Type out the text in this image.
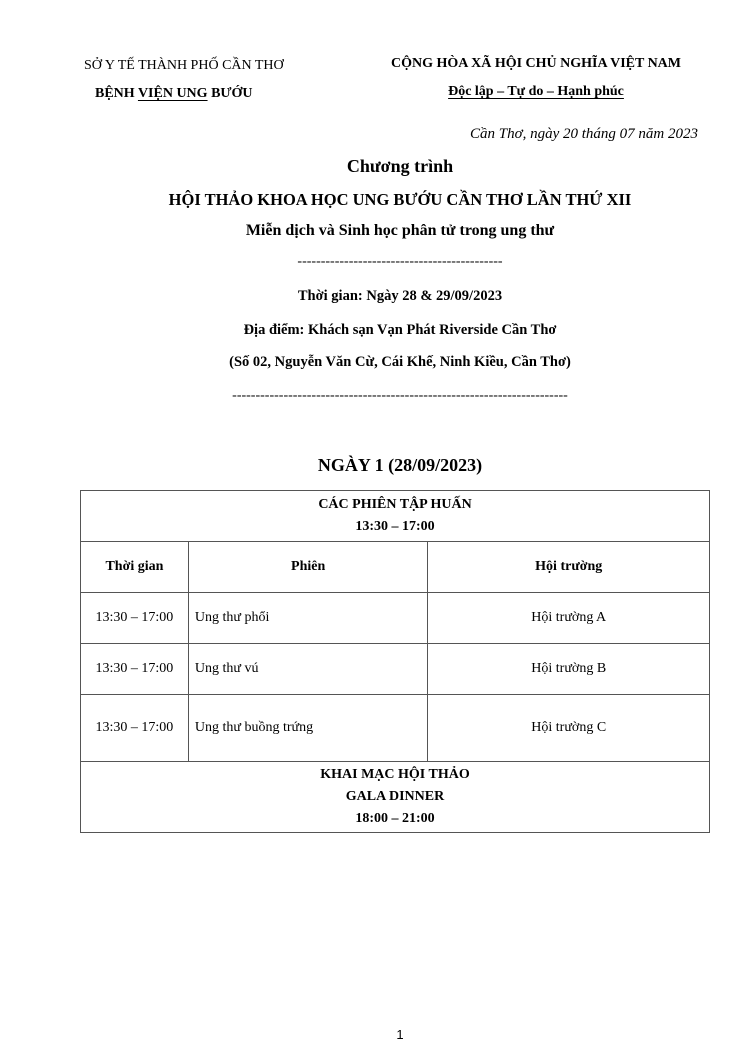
SỞ Y TẾ THÀNH PHỐ CẦN THƠ
BỆNH VIỆN UNG BƯỚU
CỘNG HÒA XÃ HỘI CHỦ NGHĨA VIỆT NAM
Độc lập – Tự do – Hạnh phúc
Cần Thơ, ngày 20 tháng 07 năm 2023
Chương trình
HỘI THẢO KHOA HỌC UNG BƯỚU CẦN THƠ LẦN THỨ XII
Miễn dịch và Sinh học phân tử trong ung thư
--------------------------------------------
Thời gian: Ngày 28 & 29/09/2023
Địa điểm: Khách sạn Vạn Phát Riverside Cần Thơ
(Số 02, Nguyễn Văn Cừ, Cái Khế, Ninh Kiều, Cần Thơ)
------------------------------------------------------------------------
NGÀY 1 (28/09/2023)
CÁC PHIÊN TẬP HUẤN
13:30 – 17:00		

Thời gian	Phiên	Hội trường
13:30 – 17:00	Ung thư phổi	Hội trường A
13:30 – 17:00	Ung thư vú	Hội trường B
13:30 – 17:00	Ung thư buồng trứng	Hội trường C

KHAI MẠC HỘI THẢO
GALA DINNER
18:00 – 21:00		
1
